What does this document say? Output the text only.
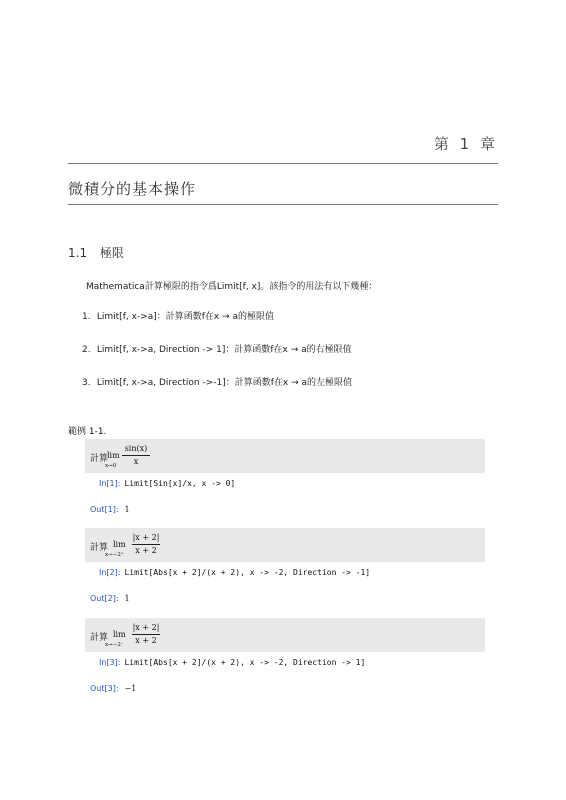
第 1 章
微積分的基本操作
1.1 極限
Mathematica計算極限的指令爲Limit[f, x]。該指令的用法有以下幾種：
1. Limit[f, x->a]：計算函數f在x → a的極限值
2. Limit[f, x->a, Direction -> 1]：計算函數f在x → a的右極限值
3. Limit[f, x->a, Direction ->-1]：計算函數f在x → a的左極限值
範例 1-1.
計算
lim
x→0
sin(x)
x
In[1]: Limit[Sin[x]/x, x -> 0]
Out[1]: 1
計算 lim
x→−2⁺
|x + 2|
x + 2
In[2]: Limit[Abs[x + 2]/(x + 2), x -> -2, Direction -> -1]
Out[2]: 1
計算 lim
x→−2⁻
|x + 2|
x + 2
In[3]: Limit[Abs[x + 2]/(x + 2), x -> -2, Direction -> 1]
Out[3]: −1
